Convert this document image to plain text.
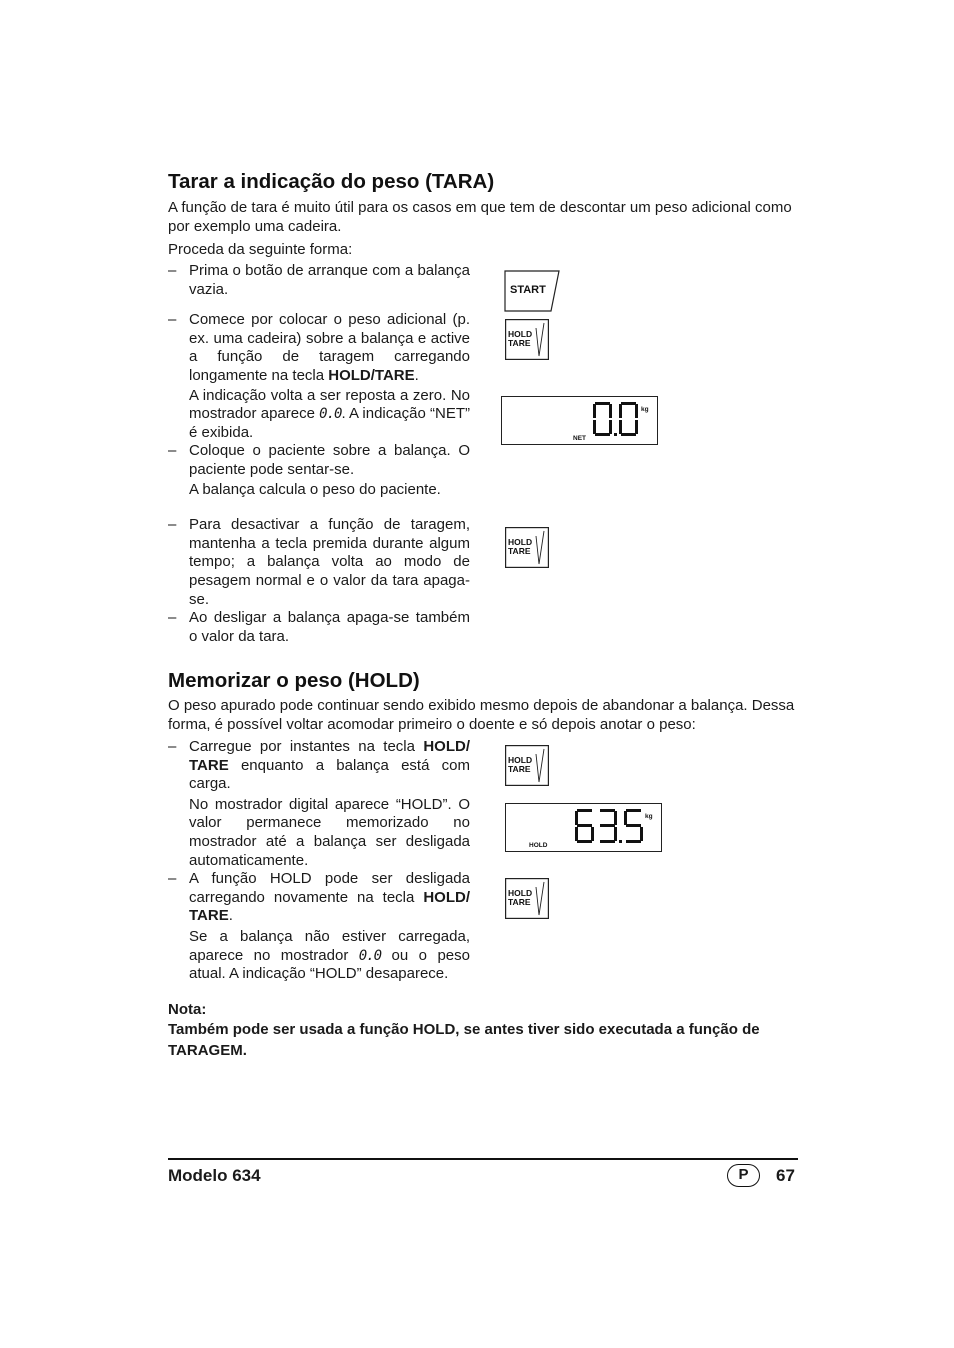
Tarar a indicação do peso (TARA)
A função de tara é muito útil para os casos em que tem de descontar um peso adicional como por exemplo uma cadeira.
Proceda da seguinte forma:
– Prima o botão de arranque com a balança vazia.
– Comece por colocar o peso adicional (p. ex. uma cadeira) sobre a balança e active a função de taragem carregando longamente na tecla HOLD/TARE.
A indicação volta a ser reposta a zero. No mostrador aparece 0.0. A indicação “NET” é exibida.
– Coloque o paciente sobre a balança. O paciente pode sentar-se.
A balança calcula o peso do paciente.
– Para desactivar a função de taragem, mantenha a tecla premida durante algum tempo; a balança volta ao modo de pesagem normal e o valor da tara apaga-se.
– Ao desligar a balança apaga-se também o valor da tara.
START
HOLD
TARE
kg
NET
HOLD
TARE
Memorizar o peso (HOLD)
O peso apurado pode continuar sendo exibido mesmo depois de abandonar a balança. Dessa forma, é possível voltar acomodar primeiro o doente e só depois anotar o peso:
– Carregue por instantes na tecla HOLD/ TARE enquanto a balança está com carga.
No mostrador digital aparece “HOLD”. O valor permanece memorizado no mostrador até a balança ser desligada automaticamente.
– A função HOLD pode ser desligada carregando novamente na tecla HOLD/ TARE.
Se a balança não estiver carregada, aparece no mostrador 0.0 ou o peso atual. A indicação “HOLD” desaparece.
HOLD
TARE
kg
HOLD
HOLD
TARE
Nota:
Também pode ser usada a função HOLD, se antes tiver sido executada a função de TARAGEM.
Modelo 634	P	67
